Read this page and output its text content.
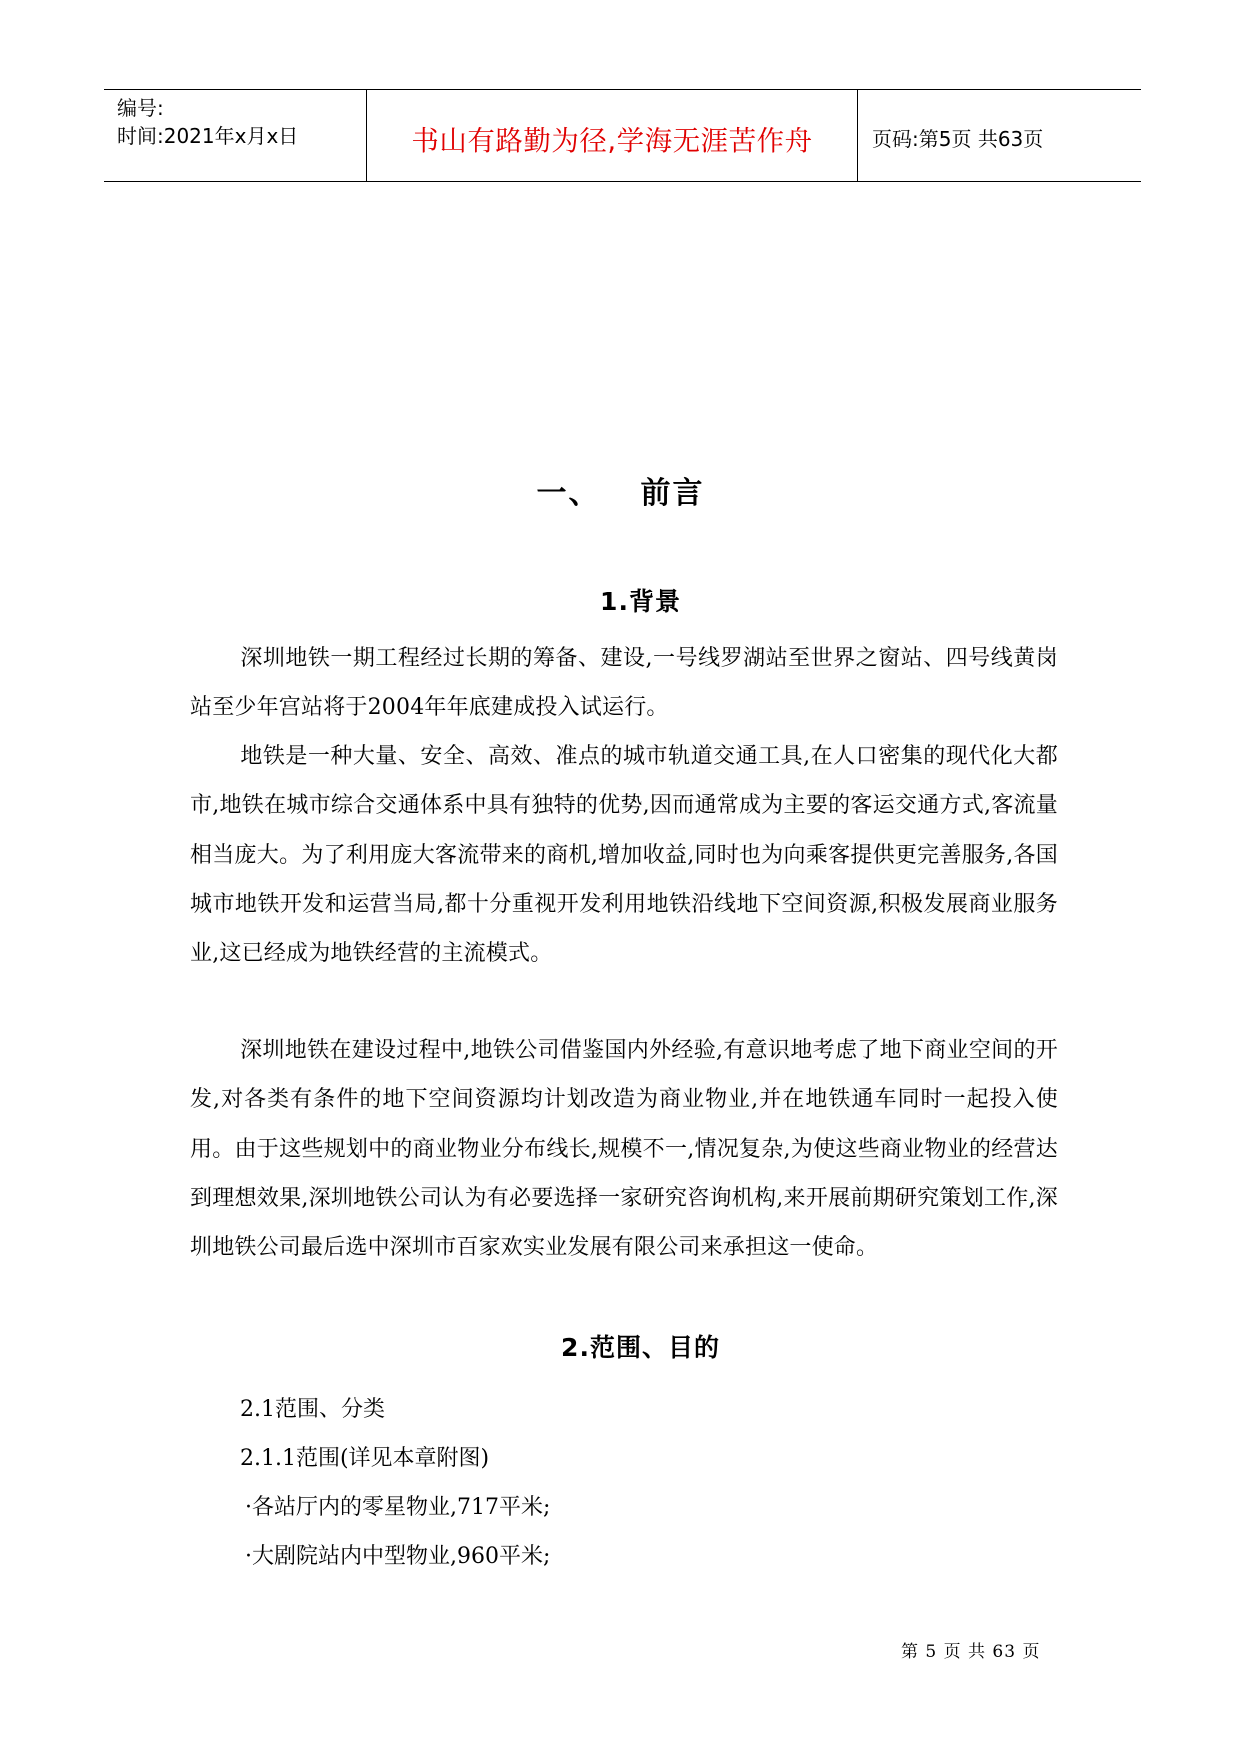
编号:
时间:2021年x月x日	书山有路勤为径,学海无涯苦作舟	页码:第5页 共63页
一、 前言
1.背景
深圳地铁一期工程经过长期的筹备、建设,一号线罗湖站至世界之窗站、四号线黄岗站至少年宫站将于2004年年底建成投入试运行。
地铁是一种大量、安全、高效、准点的城市轨道交通工具,在人口密集的现代化大都市,地铁在城市综合交通体系中具有独特的优势,因而通常成为主要的客运交通方式,客流量相当庞大。为了利用庞大客流带来的商机,增加收益,同时也为向乘客提供更完善服务,各国城市地铁开发和运营当局,都十分重视开发利用地铁沿线地下空间资源,积极发展商业服务业,这已经成为地铁经营的主流模式。
深圳地铁在建设过程中,地铁公司借鉴国内外经验,有意识地考虑了地下商业空间的开发,对各类有条件的地下空间资源均计划改造为商业物业,并在地铁通车同时一起投入使用。由于这些规划中的商业物业分布线长,规模不一,情况复杂,为使这些商业物业的经营达到理想效果,深圳地铁公司认为有必要选择一家研究咨询机构,来开展前期研究策划工作,深圳地铁公司最后选中深圳市百家欢实业发展有限公司来承担这一使命。
2.范围、目的
2.1范围、分类
2.1.1范围(详见本章附图)
·各站厅内的零星物业,717平米;
·大剧院站内中型物业,960平米;
第 5 页 共 63 页
